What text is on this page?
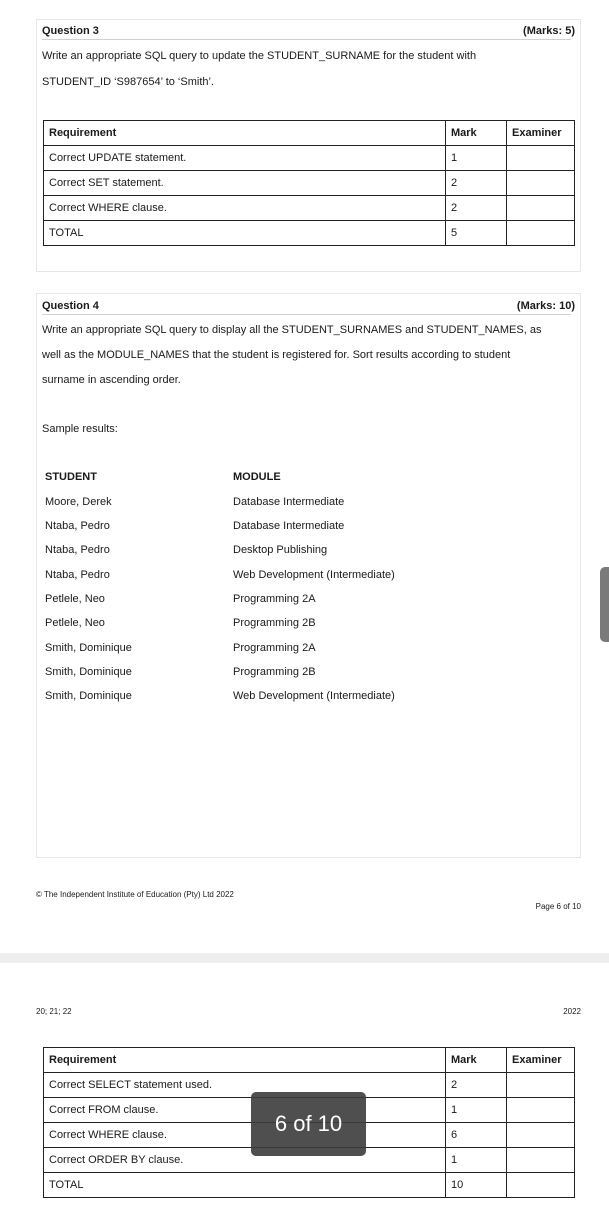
Question 3	(Marks: 5)
Write an appropriate SQL query to update the STUDENT_SURNAME for the student with
STUDENT_ID ‘S987654’ to ‘Smith’.
Requirement	Mark	Examiner
Correct UPDATE statement.	1	
Correct SET statement.	2	
Correct WHERE clause.	2	
TOTAL	5	
Question 4	(Marks: 10)
Write an appropriate SQL query to display all the STUDENT_SURNAMES and STUDENT_NAMES, as
well as the MODULE_NAMES that the student is registered for. Sort results according to student
surname in ascending order.
Sample results:
STUDENT	MODULE
Moore, Derek	Database Intermediate
Ntaba, Pedro	Database Intermediate
Ntaba, Pedro	Desktop Publishing
Ntaba, Pedro	Web Development (Intermediate)
Petlele, Neo	Programming 2A
Petlele, Neo	Programming 2B
Smith, Dominique	Programming 2A
Smith, Dominique	Programming 2B
Smith, Dominique	Web Development (Intermediate)
© The Independent Institute of Education (Pty) Ltd 2022
Page 6 of 10
20; 21; 22	2022
Requirement	Mark	Examiner
Correct SELECT statement used.	2	
Correct FROM clause.	1	
Correct WHERE clause.	6	
Correct ORDER BY clause.	1	
TOTAL	10	
6 of 10
